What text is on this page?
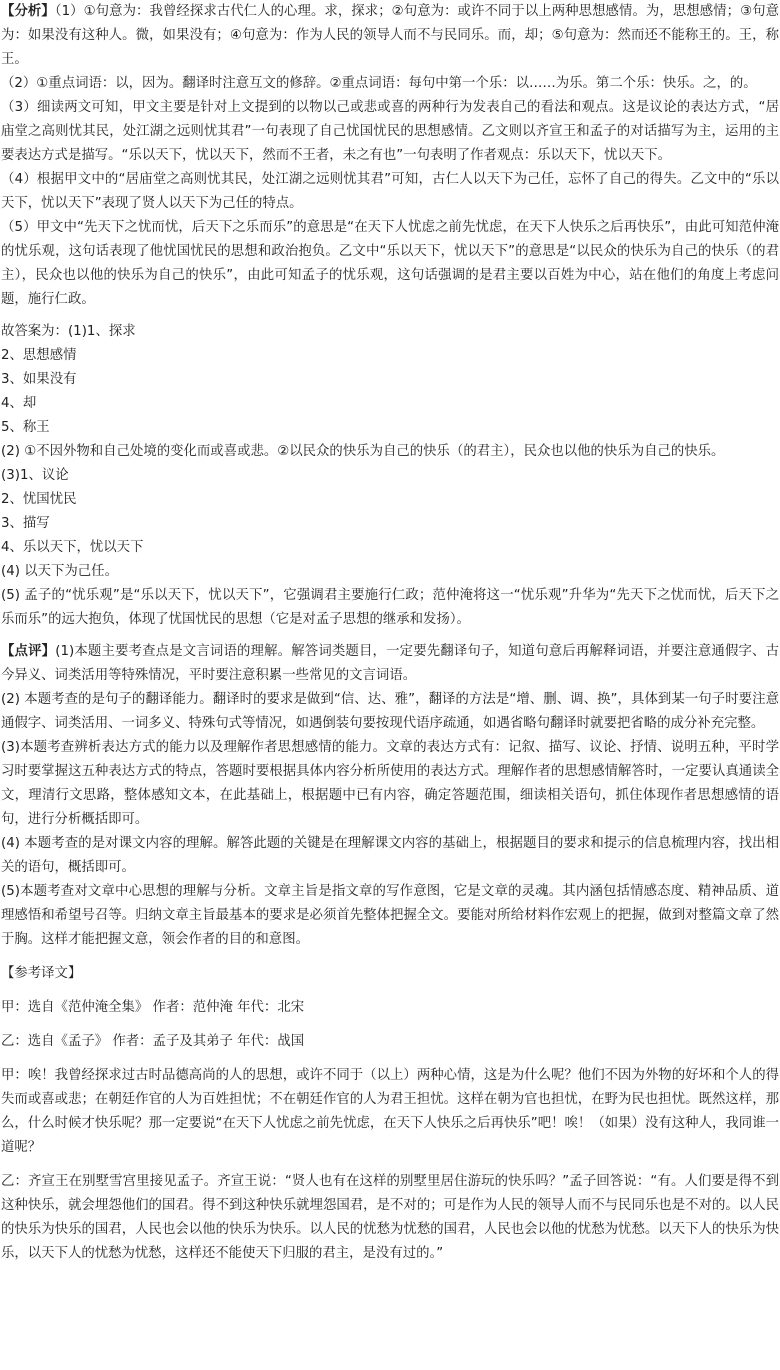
【分析】（1）①句意为：我曾经探求古代仁人的心理。求，探求；②句意为：或许不同于以上两种思想感情。为，思想感情；③句意为：如果没有这种人。微，如果没有；④句意为：作为人民的领导人而不与民同乐。而，却；⑤句意为：然而还不能称王的。王，称王。

（2）①重点词语：以，因为。翻译时注意互文的修辞。②重点词语：每句中第一个乐：以……为乐。第二个乐：快乐。之，的。

（3）细读两文可知，甲文主要是针对上文提到的以物以己或悲或喜的两种行为发表自己的看法和观点。这是议论的表达方式，“居庙堂之高则忧其民，处江湖之远则忧其君”一句表现了自己忧国忧民的思想感情。乙文则以齐宣王和孟子的对话描写为主，运用的主要表达方式是描写。“乐以天下，忧以天下，然而不王者，未之有也”一句表明了作者观点：乐以天下，忧以天下。

（4）根据甲文中的“居庙堂之高则忧其民，处江湖之远则忧其君”可知，古仁人以天下为己任，忘怀了自己的得失。乙文中的“乐以天下，忧以天下”表现了贤人以天下为己任的特点。

（5）甲文中“先天下之忧而忧，后天下之乐而乐”的意思是“在天下人忧虑之前先忧虑，在天下人快乐之后再快乐”，由此可知范仲淹的忧乐观，这句话表现了他忧国忧民的思想和政治抱负。乙文中“乐以天下，忧以天下”的意思是“以民众的快乐为自己的快乐（的君主），民众也以他的快乐为自己的快乐”，由此可知孟子的忧乐观，这句话强调的是君主要以百姓为中心，站在他们的角度上考虑问题，施行仁政。

故答案为：(1)1、探求

2、思想感情

3、如果没有

4、却

5、称王

(2) ①不因外物和自己处境的变化而或喜或悲。②以民众的快乐为自己的快乐（的君主），民众也以他的快乐为自己的快乐。

(3)1、议论

2、忧国忧民

3、描写

4、乐以天下，忧以天下

(4) 以天下为己任。

(5) 孟子的“忧乐观”是“乐以天下，忧以天下”，它强调君主要施行仁政；范仲淹将这一“忧乐观”升华为“先天下之忧而忧，后天下之乐而乐”的远大抱负，体现了忧国忧民的思想（它是对孟子思想的继承和发扬）。

【点评】(1)本题主要考查点是文言词语的理解。解答词类题目，一定要先翻译句子，知道句意后再解释词语，并要注意通假字、古今异义、词类活用等特殊情况，平时要注意积累一些常见的文言词语。

(2) 本题考查的是句子的翻译能力。翻译时的要求是做到“信、达、雅”，翻译的方法是“增、删、调、换”，具体到某一句子时要注意通假字、词类活用、一词多义、特殊句式等情况，如遇倒装句要按现代语序疏通，如遇省略句翻译时就要把省略的成分补充完整。

(3)本题考查辨析表达方式的能力以及理解作者思想感情的能力。文章的表达方式有：记叙、描写、议论、抒情、说明五种，平时学习时要掌握这五种表达方式的特点，答题时要根据具体内容分析所使用的表达方式。理解作者的思想感情解答时，一定要认真通读全文，理清行文思路，整体感知文本，在此基础上，根据题中已有内容，确定答题范围，细读相关语句，抓住体现作者思想感情的语句，进行分析概括即可。

(4) 本题考查的是对课文内容的理解。解答此题的关键是在理解课文内容的基础上，根据题目的要求和提示的信息梳理内容，找出相关的语句，概括即可。

(5)本题考查对文章中心思想的理解与分析。文章主旨是指文章的写作意图，它是文章的灵魂。其内涵包括情感态度、精神品质、道理感悟和希望号召等。归纳文章主旨最基本的要求是必须首先整体把握全文。要能对所给材料作宏观上的把握，做到对整篇文章了然于胸。这样才能把握文意，领会作者的目的和意图。

【参考译文】

甲：选自《范仲淹全集》 作者：范仲淹 年代：北宋

乙：选自《孟子》 作者：孟子及其弟子 年代：战国

甲：唉！我曾经探求过古时品德高尚的人的思想，或许不同于（以上）两种心情，这是为什么呢？他们不因为外物的好坏和个人的得失而或喜或悲；在朝廷作官的人为百姓担忧；不在朝廷作官的人为君王担忧。这样在朝为官也担忧，在野为民也担忧。既然这样，那么，什么时候才快乐呢？那一定要说“在天下人忧虑之前先忧虑，在天下人快乐之后再快乐”吧！唉！（如果）没有这种人，我同谁一道呢？

乙：齐宣王在别墅雪宫里接见孟子。齐宣王说：“贤人也有在这样的别墅里居住游玩的快乐吗？”孟子回答说：“有。人们要是得不到这种快乐，就会埋怨他们的国君。得不到这种快乐就埋怨国君，是不对的；可是作为人民的领导人而不与民同乐也是不对的。以人民的快乐为快乐的国君，人民也会以他的快乐为快乐。以人民的忧愁为忧愁的国君，人民也会以他的忧愁为忧愁。以天下人的快乐为快乐，以天下人的忧愁为忧愁，这样还不能使天下归服的君主，是没有过的。”
